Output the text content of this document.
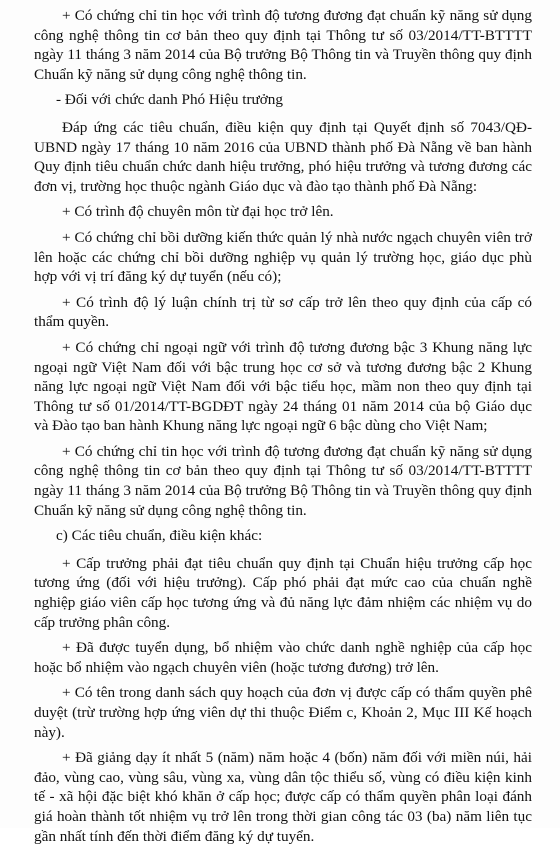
+ Có chứng chỉ tin học với trình độ tương đương đạt chuẩn kỹ năng sử dụng công nghệ thông tin cơ bản theo quy định tại Thông tư số 03/2014/TT-BTTTT ngày 11 tháng 3 năm 2014 của Bộ trưởng Bộ Thông tin và Truyền thông quy định Chuẩn kỹ năng sử dụng công nghệ thông tin.

- Đối với chức danh Phó Hiệu trưởng

Đáp ứng các tiêu chuẩn, điều kiện quy định tại Quyết định số 7043/QĐ-UBND ngày 17 tháng 10 năm 2016 của UBND thành phố Đà Nẵng về ban hành Quy định tiêu chuẩn chức danh hiệu trưởng, phó hiệu trưởng và tương đương các đơn vị, trường học thuộc ngành Giáo dục và đào tạo thành phố Đà Nẵng:

+ Có trình độ chuyên môn từ đại học trở lên.

+ Có chứng chỉ bồi dưỡng kiến thức quản lý nhà nước ngạch chuyên viên trở lên hoặc các chứng chỉ bồi dưỡng nghiệp vụ quản lý trường học, giáo dục phù hợp với vị trí đăng ký dự tuyển (nếu có);

+ Có trình độ lý luận chính trị từ sơ cấp trở lên theo quy định của cấp có thẩm quyền.

+ Có chứng chỉ ngoại ngữ với trình độ tương đương bậc 3 Khung năng lực ngoại ngữ Việt Nam đối với bậc trung học cơ sở và tương đương bậc 2 Khung năng lực ngoại ngữ Việt Nam đối với bậc tiểu học, mầm non theo quy định tại Thông tư số 01/2014/TT-BGDĐT ngày 24 tháng 01 năm 2014 của bộ Giáo dục và Đào tạo ban hành Khung năng lực ngoại ngữ 6 bậc dùng cho Việt Nam;

+ Có chứng chỉ tin học với trình độ tương đương đạt chuẩn kỹ năng sử dụng công nghệ thông tin cơ bản theo quy định tại Thông tư số 03/2014/TT-BTTTT ngày 11 tháng 3 năm 2014 của Bộ trưởng Bộ Thông tin và Truyền thông quy định Chuẩn kỹ năng sử dụng công nghệ thông tin.

c) Các tiêu chuẩn, điều kiện khác:

+ Cấp trưởng phải đạt tiêu chuẩn quy định tại Chuẩn hiệu trưởng cấp học tương ứng (đối với hiệu trưởng). Cấp phó phải đạt mức cao của chuẩn nghề nghiệp giáo viên cấp học tương ứng và đủ năng lực đảm nhiệm các nhiệm vụ do cấp trưởng phân công.

+ Đã được tuyển dụng, bổ nhiệm vào chức danh nghề nghiệp của cấp học hoặc bổ nhiệm vào ngạch chuyên viên (hoặc tương đương) trở lên.

+ Có tên trong danh sách quy hoạch của đơn vị được cấp có thẩm quyền phê duyệt (trừ trường hợp ứng viên dự thi thuộc Điểm c, Khoản 2, Mục III Kế hoạch này).

+ Đã giảng dạy ít nhất 5 (năm) năm hoặc 4 (bốn) năm đối với miền núi, hải đảo, vùng cao, vùng sâu, vùng xa, vùng dân tộc thiểu số, vùng có điều kiện kinh tế - xã hội đặc biệt khó khăn ở cấp học; được cấp có thẩm quyền phân loại đánh giá hoàn thành tốt nhiệm vụ trở lên trong thời gian công tác 03 (ba) năm liên tục gần nhất tính đến thời điểm đăng ký dự tuyển.
